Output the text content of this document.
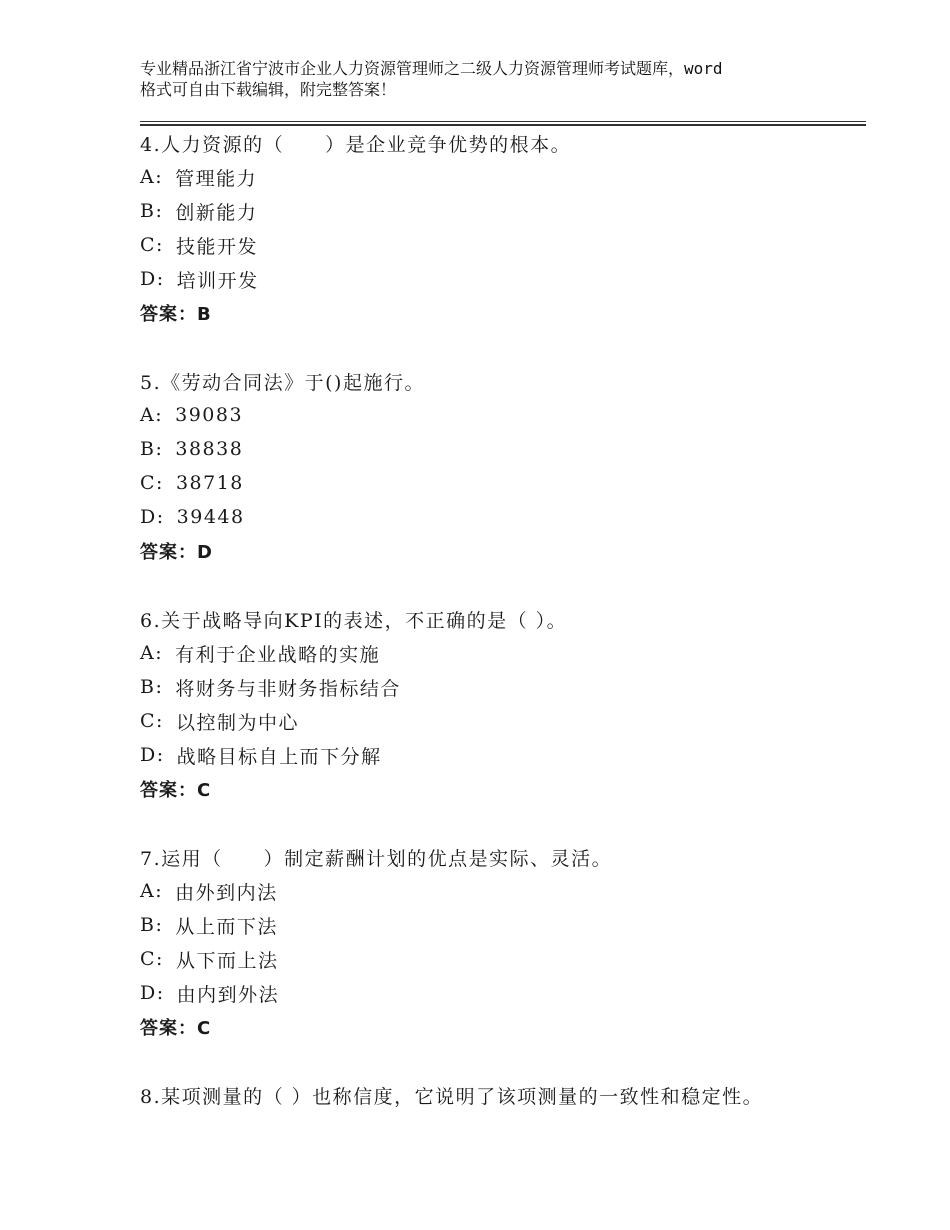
专业精品浙江省宁波市企业人力资源管理师之二级人力资源管理师考试题库，word
格式可自由下载编辑，附完整答案！
4.人力资源的（　　）是企业竞争优势的根本。
A: 管理能力
B: 创新能力
C: 技能开发
D: 培训开发
答案：B
5.《劳动合同法》于()起施行。
A: 39083
B: 38838
C: 38718
D: 39448
答案：D
6.关于战略导向KPI的表述，不正确的是（ ）。
A: 有利于企业战略的实施
B: 将财务与非财务指标结合
C: 以控制为中心
D: 战略目标自上而下分解
答案：C
7.运用（　　）制定薪酬计划的优点是实际、灵活。
A: 由外到内法
B: 从上而下法
C: 从下而上法
D: 由内到外法
答案：C
8.某项测量的（ ）也称信度，它说明了该项测量的一致性和稳定性。
